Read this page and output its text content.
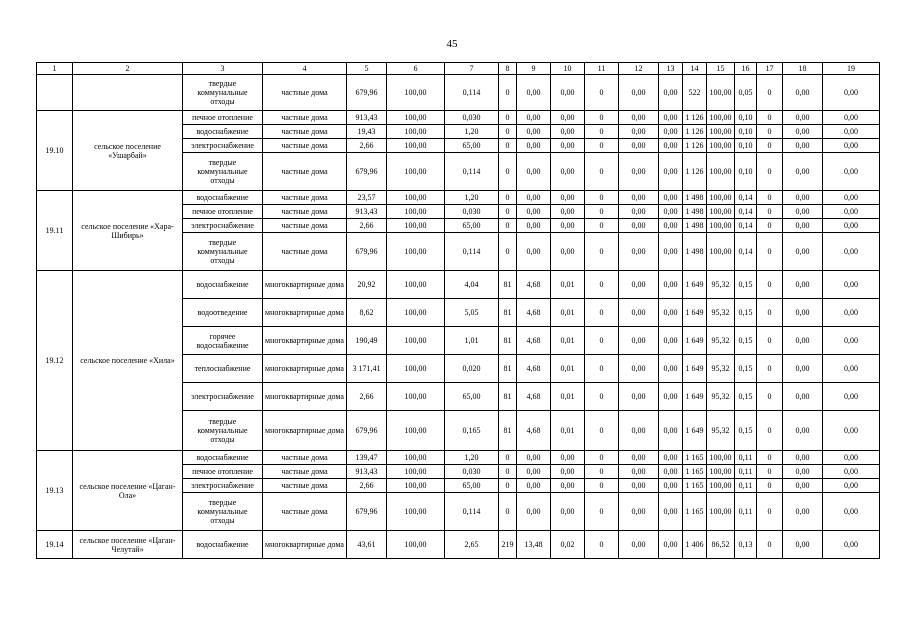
45
1	2	3	4	5	6	7	8	9	10	11	12	13	14	15	16	17	18	19
		твердые коммунальные отходы	частные дома	679,96	100,00	0,114	0	0,00	0,00	0	0,00	0,00	522	100,00	0,05	0	0,00	0,00
19.10	сельское поселение «Ушарбай»	печное отопление	частные дома	913,43	100,00	0,030	0	0,00	0,00	0	0,00	0,00	1 126	100,00	0,10	0	0,00	0,00
		водоснабжение	частные дома	19,43	100,00	1,20	0	0,00	0,00	0	0,00	0,00	1 126	100,00	0,10	0	0,00	0,00
		электроснабжение	частные дома	2,66	100,00	65,00	0	0,00	0,00	0	0,00	0,00	1 126	100,00	0,10	0	0,00	0,00
		твердые коммунальные отходы	частные дома	679,96	100,00	0,114	0	0,00	0,00	0	0,00	0,00	1 126	100,00	0,10	0	0,00	0,00
19.11	сельское поселение «Хара-Шибирь»	водоснабжение	частные дома	23,57	100,00	1,20	0	0,00	0,00	0	0,00	0,00	1 498	100,00	0,14	0	0,00	0,00
		печное отопление	частные дома	913,43	100,00	0,030	0	0,00	0,00	0	0,00	0,00	1 498	100,00	0,14	0	0,00	0,00
		электроснабжение	частные дома	2,66	100,00	65,00	0	0,00	0,00	0	0,00	0,00	1 498	100,00	0,14	0	0,00	0,00
		твердые коммунальные отходы	частные дома	679,96	100,00	0,114	0	0,00	0,00	0	0,00	0,00	1 498	100,00	0,14	0	0,00	0,00
19.12	сельское поселение «Хила»	водоснабжение	многоквартирные дома	20,92	100,00	4,04	81	4,68	0,01	0	0,00	0,00	1 649	95,32	0,15	0	0,00	0,00
		водоотведение	многоквартирные дома	8,62	100,00	5,05	81	4,68	0,01	0	0,00	0,00	1 649	95,32	0,15	0	0,00	0,00
		горячее водоснабжение	многоквартирные дома	190,49	100,00	1,01	81	4,68	0,01	0	0,00	0,00	1 649	95,32	0,15	0	0,00	0,00
		теплоснабжение	многоквартирные дома	3 171,41	100,00	0,020	81	4,68	0,01	0	0,00	0,00	1 649	95,32	0,15	0	0,00	0,00
		электроснабжение	многоквартирные дома	2,66	100,00	65,00	81	4,68	0,01	0	0,00	0,00	1 649	95,32	0,15	0	0,00	0,00
		твердые коммунальные отходы	многоквартирные дома	679,96	100,00	0,165	81	4,68	0,01	0	0,00	0,00	1 649	95,32	0,15	0	0,00	0,00
19.13	сельское поселение «Цаган-Ола»	водоснабжение	частные дома	139,47	100,00	1,20	0	0,00	0,00	0	0,00	0,00	1 165	100,00	0,11	0	0,00	0,00
		печное отопление	частные дома	913,43	100,00	0,030	0	0,00	0,00	0	0,00	0,00	1 165	100,00	0,11	0	0,00	0,00
		электроснабжение	частные дома	2,66	100,00	65,00	0	0,00	0,00	0	0,00	0,00	1 165	100,00	0,11	0	0,00	0,00
		твердые коммунальные отходы	частные дома	679,96	100,00	0,114	0	0,00	0,00	0	0,00	0,00	1 165	100,00	0,11	0	0,00	0,00
19.14	сельское поселение «Цаган-Челутай»	водоснабжение	многоквартирные дома	43,61	100,00	2,65	219	13,48	0,02	0	0,00	0,00	1 406	86,52	0,13	0	0,00	0,00
